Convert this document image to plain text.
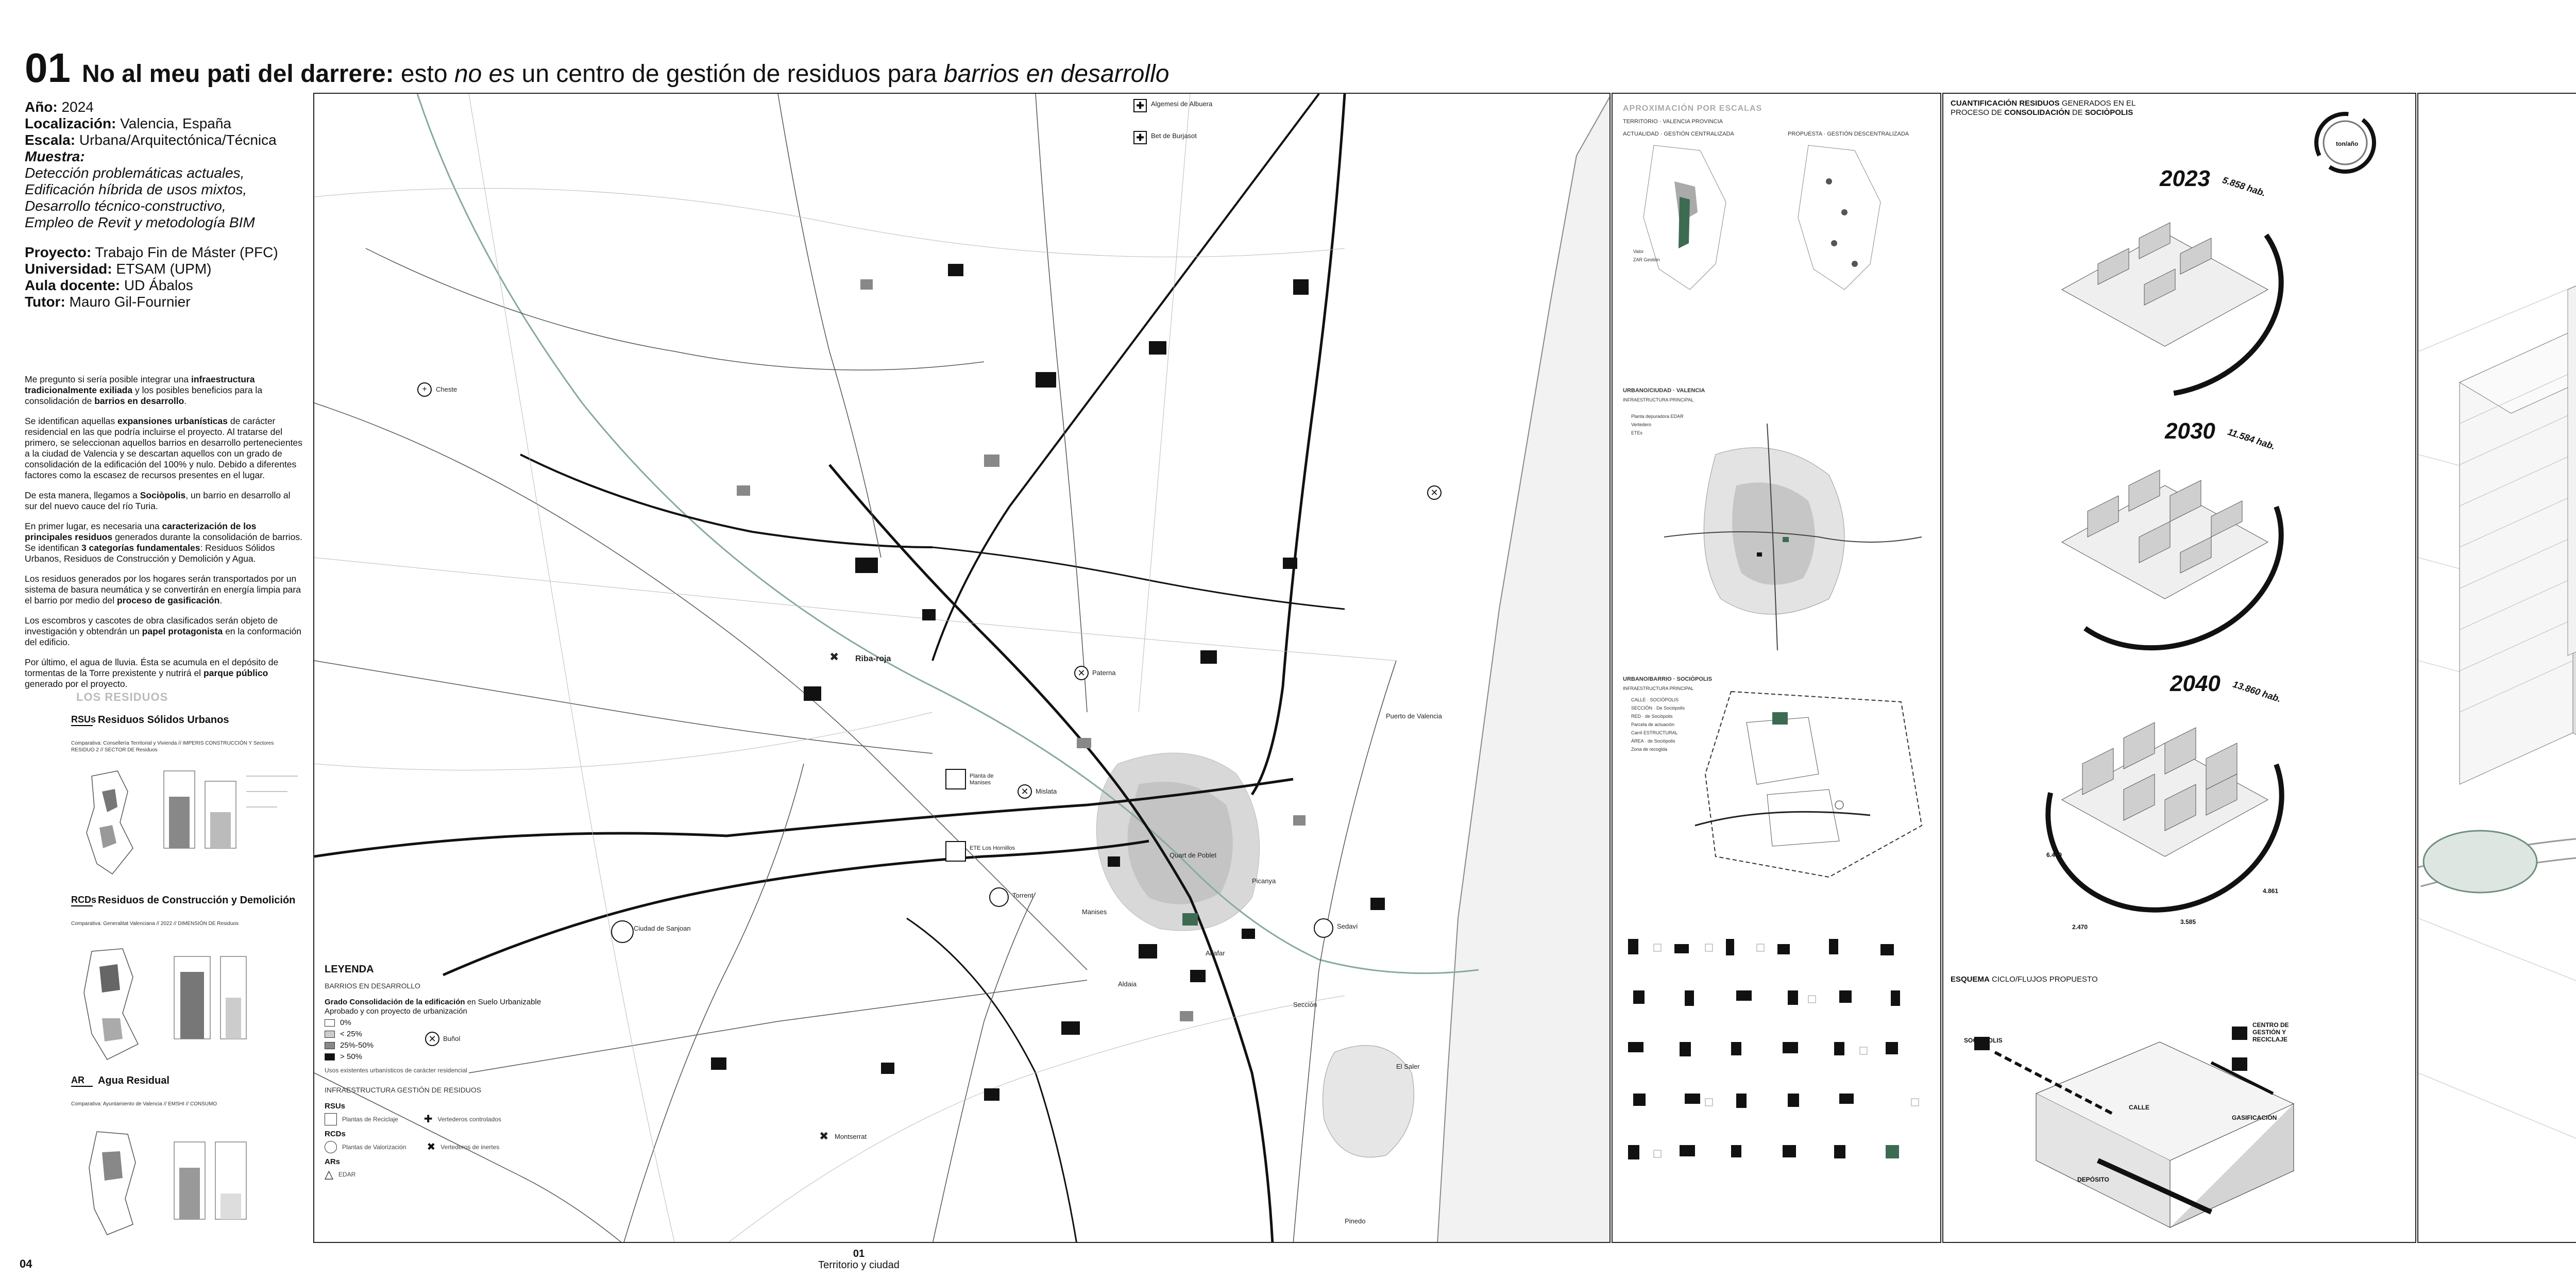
01 No al meu pati del darrere: esto no es un centro de gestión de residuos para barrios en desarrollo
Año: 2024
Localización: Valencia, España
Escala: Urbana/Arquitectónica/Técnica
Muestra:
Detección problemáticas actuales,
Edificación híbrida de usos mixtos,
Desarrollo técnico-constructivo,
Empleo de Revit y metodología BIM
Proyecto: Trabajo Fin de Máster (PFC)
Universidad: ETSAM (UPM)
Aula docente: UD Ábalos
Tutor: Mauro Gil-Fournier

Me pregunto si sería posible integrar una infraestructura tradicionalmente exiliada y los posibles beneficios para la consolidación de barrios en desarrollo.

Se identifican aquellas expansiones urbanísticas de carácter residencial en las que podría incluirse el proyecto. Al tratarse del primero, se seleccionan aquellos barrios en desarrollo pertenecientes a la ciudad de Valencia y se descartan aquellos con un grado de consolidación de la edificación del 100% y nulo. Debido a diferentes factores como la escasez de recursos presentes en el lugar.

De esta manera, llegamos a Sociòpolis, un barrio en desarrollo al sur del nuevo cauce del río Turia.

En primer lugar, es necesaria una caracterización de los principales residuos generados durante la consolidación de barrios. Se identifican 3 categorías fundamentales: Residuos Sólidos Urbanos, Residuos de Construcción y Demolición y Agua.

Los residuos generados por los hogares serán transportados por un sistema de basura neumática y se convertirán en energía limpia para el barrio por medio del proceso de gasificación.

Los escombros y cascotes de obra clasificados serán objeto de investigación y obtendrán un papel protagonista en la conformación del edificio.

Por último, el agua de lluvia. Ésta se acumula en el depósito de tormentas de la Torre prexistente y nutrirá el parque público generado por el proyecto.

LOS RESIDUOS
RSUs Residuos Sólidos Urbanos
Comparativa: Consellería Territorial y Vivienda // IMPERIS CONSTRUCCIÓN Y Sectores RESIDUO 2 // SECTOR DE Residuos
RCDs Residuos de Construcción y Demolición
Comparativa: Generalitat Valenciana // 2022 // DIMENSIÓN DE Residuos
AR	Agua Residual
Comparativa: Ayuntamiento de Valencia // EMSHI // CONSUMO
✚	Algemesi de Albuera
✚	Bet de Burjasot
+	Cheste
✕
✕	Paterna
✕	Mislata
✕	Buñol
Riba-roja
✖
✖ Montserrat
Planta de Manises
ETE Los Hornillos
Torrent
Sedaví
Ciudad de Sanjoan
Puerto de Valencia
El Saler
Pinedo
Quart de Poblet
Manises
Alfafar
Picanya
Aldaia
Sección
LEYENDA
BARRIOS EN DESARROLLO
Grado Consolidación de la edificación en Suelo Urbanizable Aprobado y con proyecto de urbanización
0%
< 25%
25%-50%
> 50%
Usos existentes urbanísticos de carácter residencial
INFRAESTRUCTURA GESTIÓN DE RESIDUOS
RSUs
Plantas de Reciclaje	✚ Vertederos controlados
RCDs
Plantas de Valorización ✖ Vertederos de inertes
ARs
△ EDAR
APROXIMACIÓN POR ESCALAS
TERRITORIO · VALENCIA PROVINCIA
ACTUALIDAD · GESTIÓN CENTRALIZADA	PROPUESTA · GESTIÓN DESCENTRALIZADA
Valor
ZAR Gestión
URBANO/CIUDAD · VALENCIA
INFRAESTRUCTURA PRINCIPAL
Planta depuradora EDAR
Vertedero
ETEs
URBANO/BARRIO · SOCIÒPOLIS
INFRAESTRUCTURA PRINCIPAL
CALLE · SOCIÒPOLIS
SECCIÓN · De Sociòpolis
RED · de Sociòpolis
Parcela de actuación
Carril ESTRUCTURAL
ÁREA · de Sociòpolis
Zona de recogida
CUANTIFICACIÓN RESIDUOS GENERADOS EN EL PROCESO DE CONSOLIDACIÓN DE SOCIÒPOLIS
ton/año
2023 5.858 hab.
2030 11.584 hab.
2040 13.860 hab.
6.470
4.861
2.470
3.585
ESQUEMA CICLO/FLUJOS PROPUESTO
SOCIÒPOLIS
CENTRO DE GESTIÓN Y RECICLAJE
GASIFICACIÓN
DEPÓSITO
CALLE
04
01
Territorio y ciudad
